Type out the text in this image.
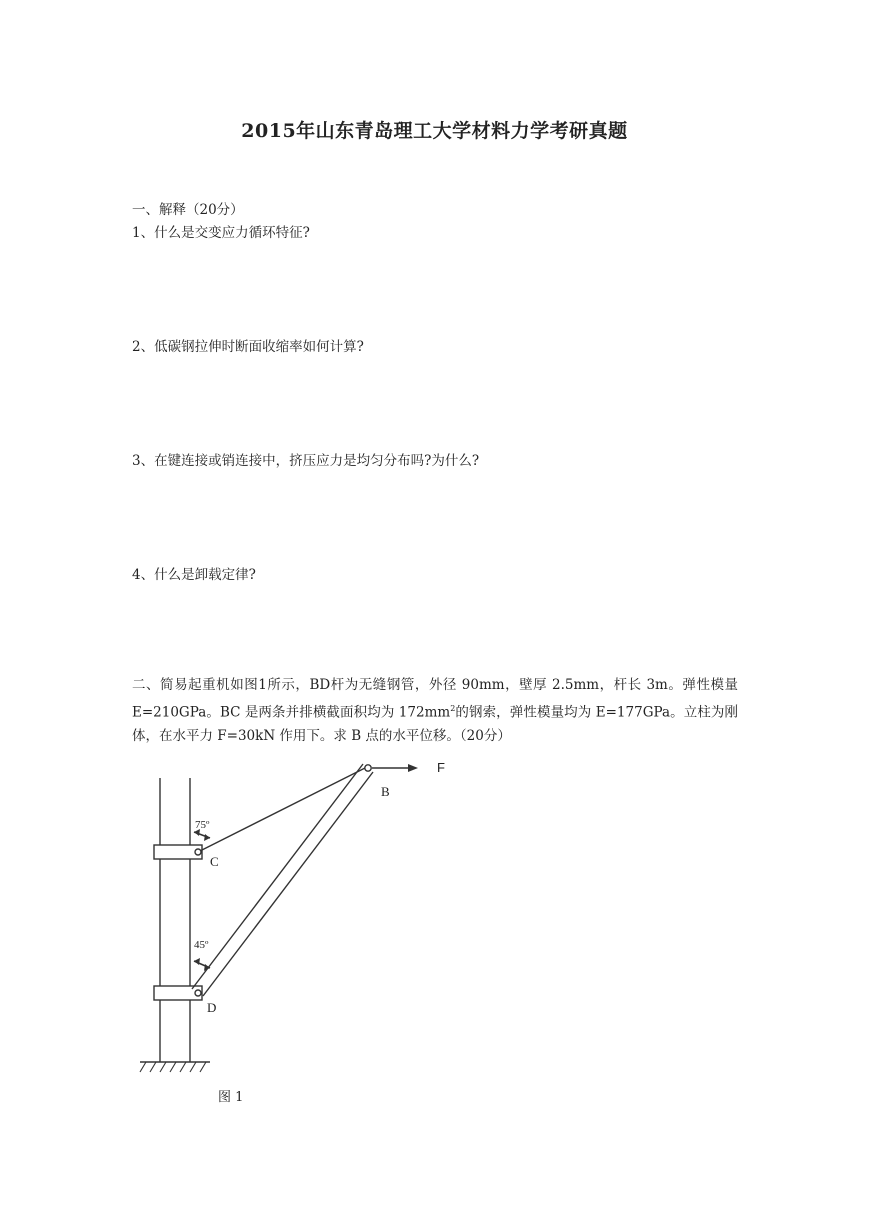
2015年山东青岛理工大学材料力学考研真题
一、解释（20分）
1、什么是交变应力循环特征?
2、低碳钢拉伸时断面收缩率如何计算?
3、在键连接或销连接中，挤压应力是均匀分布吗?为什么?
4、什么是卸载定律?
二、简易起重机如图1所示，BD杆为无缝钢管，外径 90mm，壁厚 2.5mm，杆长 3m。弹性模量 E=210GPa。BC 是两条并排横截面积均为 $172mm^2$的钢索，弹性模量均为 E=177GPa。立柱为刚体，在水平力 F=30kN 作用下。求 B 点的水平位移。（20分）
F
B
C
D
75º
45º
图 1
